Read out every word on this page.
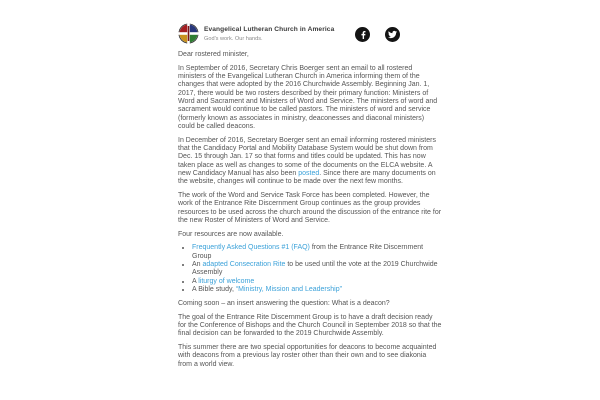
Evangelical Lutheran Church in America
God's work. Our hands.

Dear rostered minister,

In September of 2016, Secretary Chris Boerger sent an email to all rostered ministers of the Evangelical Lutheran Church in America informing them of the changes that were adopted by the 2016 Churchwide Assembly. Beginning Jan. 1, 2017, there would be two rosters described by their primary function: Ministers of Word and Sacrament and Ministers of Word and Service. The ministers of word and sacrament would continue to be called pastors. The ministers of word and service (formerly known as associates in ministry, deaconesses and diaconal ministers) could be called deacons.

In December of 2016, Secretary Boerger sent an email informing rostered ministers that the Candidacy Portal and Mobility Database System would be shut down from Dec. 15 through Jan. 17 so that forms and titles could be updated. This has now taken place as well as changes to some of the documents on the ELCA website. A new Candidacy Manual has also been posted. Since there are many documents on the website, changes will continue to be made over the next few months.

The work of the Word and Service Task Force has been completed. However, the work of the Entrance Rite Discernment Group continues as the group provides resources to be used across the church around the discussion of the entrance rite for the new Roster of Ministers of Word and Service.

Four resources are now available.

• Frequently Asked Questions #1 (FAQ) from the Entrance Rite Discernment Group
• An adapted Consecration Rite to be used until the vote at the 2019 Churchwide Assembly
• A liturgy of welcome
• A Bible study, “Ministry, Mission and Leadership”

Coming soon – an insert answering the question: What is a deacon?

The goal of the Entrance Rite Discernment Group is to have a draft decision ready for the Conference of Bishops and the Church Council in September 2018 so that the final decision can be forwarded to the 2019 Churchwide Assembly.

This summer there are two special opportunities for deacons to become acquainted with deacons from a previous lay roster other than their own and to see diakonia from a world view.
